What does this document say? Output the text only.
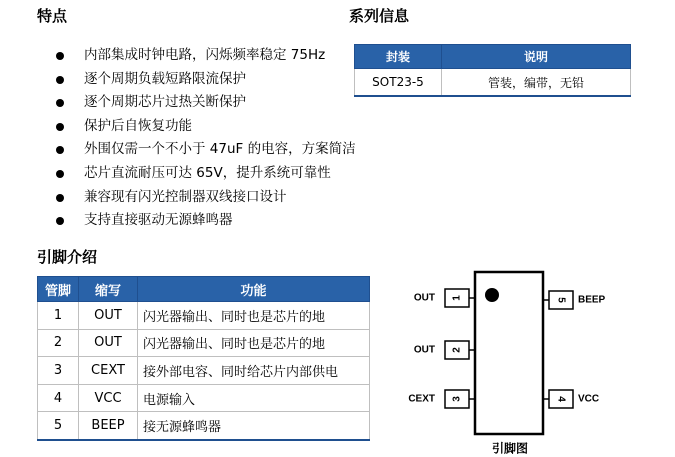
特点
内部集成时钟电路，闪烁频率稳定 75Hz
逐个周期负载短路限流保护
逐个周期芯片过热关断保护
保护后自恢复功能
外围仅需一个不小于 47uF 的电容，方案简洁
芯片直流耐压可达 65V，提升系统可靠性
兼容现有闪光控制器双线接口设计
支持直接驱动无源蜂鸣器
系列信息
封装	说明
SOT23-5	管装，编带，无铅
引脚介绍
管脚	缩写	功能
1	OUT	闪光器输出、同时也是芯片的地
2	OUT	闪光器输出、同时也是芯片的地
3	CEXT	接外部电容、同时给芯片内部供电
4	VCC	电源输入
5	BEEP	接无源蜂鸣器
1
OUT
2
OUT
3
CEXT
5 BEEP
4 VCC
引脚图
